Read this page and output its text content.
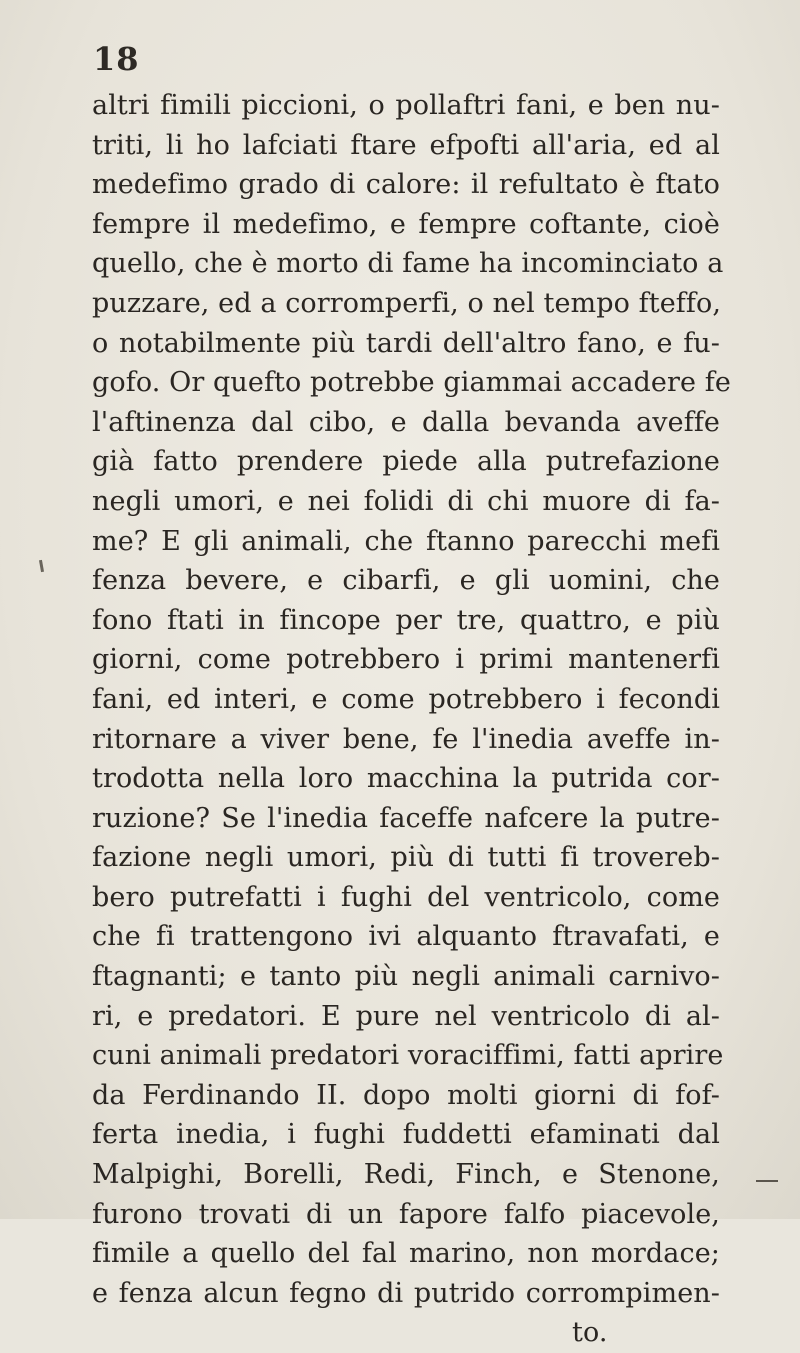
18
altri fimili piccioni, o pollaftri fani, e ben nu-
triti, li ho lafciati ftare efpofti all'aria, ed al
medefimo grado di calore: il refultato è ftato
fempre il medefimo, e fempre coftante, cioè
quello, che è morto di fame ha incominciato a
puzzare, ed a corromperfi, o nel tempo fteffo,
o notabilmente più tardi dell'altro fano, e fu-
gofo. Or quefto potrebbe giammai accadere fe
l'aftinenza dal cibo, e dalla bevanda aveffe
già fatto prendere piede alla putrefazione
negli umori, e nei folidi di chi muore di fa-
me? E gli animali, che ftanno parecchi mefi
fenza bevere, e cibarfi, e gli uomini, che
fono ftati in fincope per tre, quattro, e più
giorni, come potrebbero i primi mantenerfi
fani, ed interi, e come potrebbero i fecondi
ritornare a viver bene, fe l'inedia aveffe in-
trodotta nella loro macchina la putrida cor-
ruzione? Se l'inedia faceffe nafcere la putre-
fazione negli umori, più di tutti fi trovereb-
bero putrefatti i fughi del ventricolo, come
che fi trattengono ivi alquanto ftravafati, e
ftagnanti; e tanto più negli animali carnivo-
ri, e predatori. E pure nel ventricolo di al-
cuni animali predatori voraciffimi, fatti aprire
da Ferdinando II. dopo molti giorni di fof-
ferta inedia, i fughi fuddetti efaminati dal
Malpighi, Borelli, Redi, Finch, e Stenone,
furono trovati di un fapore falfo piacevole,
fimile a quello del fal marino, non mordace;
e fenza alcun fegno di putrido corrompimen-
to.
